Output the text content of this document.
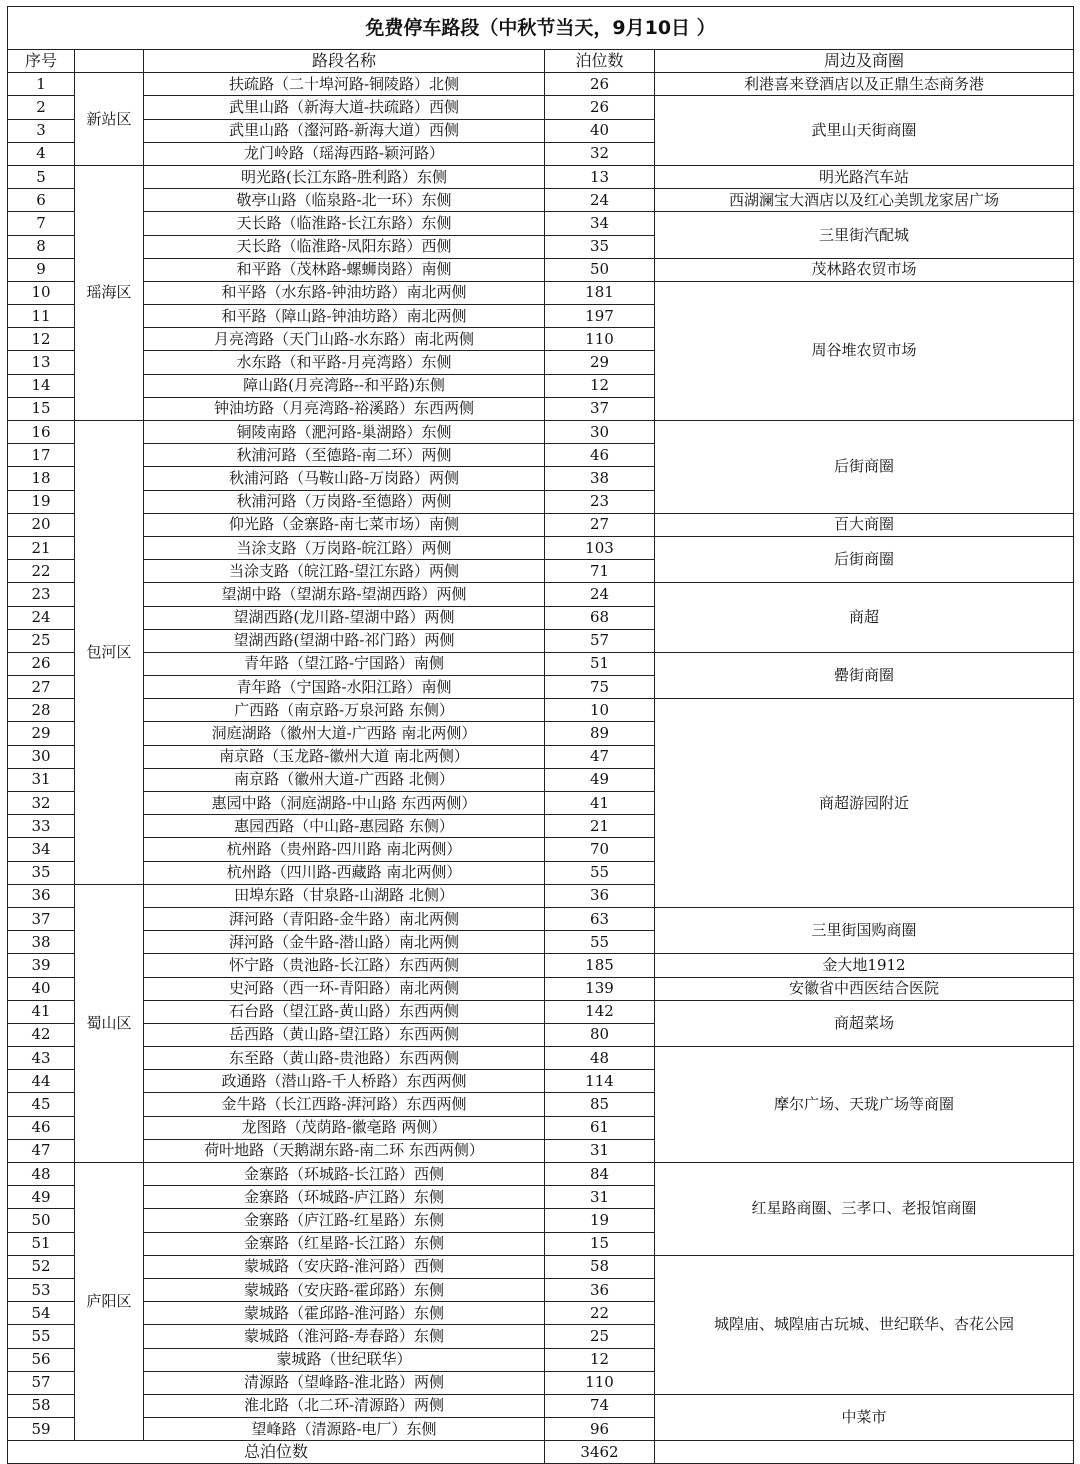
免费停车路段（中秋节当天，9月10日 ）				
序号		路段名称	泊位数	周边及商圈
1	新站区	扶疏路（二十埠河路-铜陵路）北侧	26	利港喜来登酒店以及正鼎生态商务港
2		武里山路（新海大道-扶疏路）西侧	26	武里山天街商圈
3		武里山路（瀣河路-新海大道）西侧	40	
4		龙门岭路（瑶海西路-颖河路）	32	
5	瑶海区	明光路(长江东路-胜利路）东侧	13	明光路汽车站
6		敬亭山路（临泉路-北一环）东侧	24	西湖澜宝大酒店以及红心美凯龙家居广场
7		天长路（临淮路-长江东路）东侧	34	三里街汽配城
8		天长路（临淮路-凤阳东路）西侧	35	
9		和平路（茂林路-螺蛳岗路）南侧	50	茂林路农贸市场
10		和平路（水东路-钟油坊路）南北两侧	181	周谷堆农贸市场
11		和平路（障山路-钟油坊路）南北两侧	197	
12		月亮湾路（天门山路-水东路）南北两侧	110	
13		水东路（和平路-月亮湾路）东侧	29	
14		障山路(月亮湾路--和平路)东侧	12	
15		钟油坊路（月亮湾路-裕溪路）东西两侧	37	
16	包河区	铜陵南路（淝河路-巢湖路）东侧	30	后街商圈
17		秋浦河路（至德路-南二环）两侧	46	
18		秋浦河路（马鞍山路-万岗路）两侧	38	
19		秋浦河路（万岗路-至德路）两侧	23	
20		仰光路（金寨路-南七菜市场）南侧	27	百大商圈
21		当涂支路（万岗路-皖江路）两侧	103	后街商圈
22		当涂支路（皖江路-望江东路）两侧	71	
23		望湖中路（望湖东路-望湖西路）两侧	24	商超
24		望湖西路(龙川路-望湖中路）两侧	68	
25		望湖西路(望湖中路-祁门路）两侧	57	
26		青年路（望江路-宁国路）南侧	51	罍街商圈
27		青年路（宁国路-水阳江路）南侧	75	
28		广西路（南京路-万泉河路 东侧）	10	商超游园附近
29		洞庭湖路（徽州大道-广西路 南北两侧）	89	
30		南京路（玉龙路-徽州大道 南北两侧）	47	
31		南京路（徽州大道-广西路 北侧）	49	
32		惠园中路（洞庭湖路-中山路 东西两侧）	41	
33		惠园西路（中山路-惠园路 东侧）	21	
34		杭州路（贵州路-四川路 南北两侧）	70	
35		杭州路（四川路-西藏路 南北两侧）	55	
36	蜀山区	田埠东路（甘泉路-山湖路 北侧）	36	
37		湃河路（青阳路-金牛路）南北两侧	63	三里街国购商圈
38		湃河路（金牛路-潜山路）南北两侧	55	
39		怀宁路（贵池路-长江路）东西两侧	185	金大地1912
40		史河路（西一环-青阳路）南北两侧	139	安徽省中西医结合医院
41		石台路（望江路-黄山路）东西两侧	142	商超菜场
42		岳西路（黄山路-望江路）东西两侧	80	
43		东至路（黄山路-贵池路）东西两侧	48	摩尔广场、天珑广场等商圈
44		政通路（潜山路-千人桥路）东西两侧	114	
45		金牛路（长江西路-湃河路）东西两侧	85	
46		龙图路（茂荫路-徽亳路 两侧）	61	
47		荷叶地路（天鹅湖东路-南二环 东西两侧）	31	
48	庐阳区	金寨路（环城路-长江路）西侧	84	红星路商圈、三孝口、老报馆商圈
49		金寨路（环城路-庐江路）东侧	31	
50		金寨路（庐江路-红星路）东侧	19	
51		金寨路（红星路-长江路）东侧	15	
52		蒙城路（安庆路-淮河路）西侧	58	城隍庙、城隍庙古玩城、世纪联华、杏花公园
53		蒙城路（安庆路-霍邱路）东侧	36	
54		蒙城路（霍邱路-淮河路）东侧	22	
55		蒙城路（淮河路-寿春路）东侧	25	
56		蒙城路（世纪联华）	12	
57		清源路（望峰路-淮北路）两侧	110	
58		淮北路（北二环-清源路）两侧	74	中菜市
59		望峰路（清源路-电厂）东侧	96	
总泊位数			3462	
